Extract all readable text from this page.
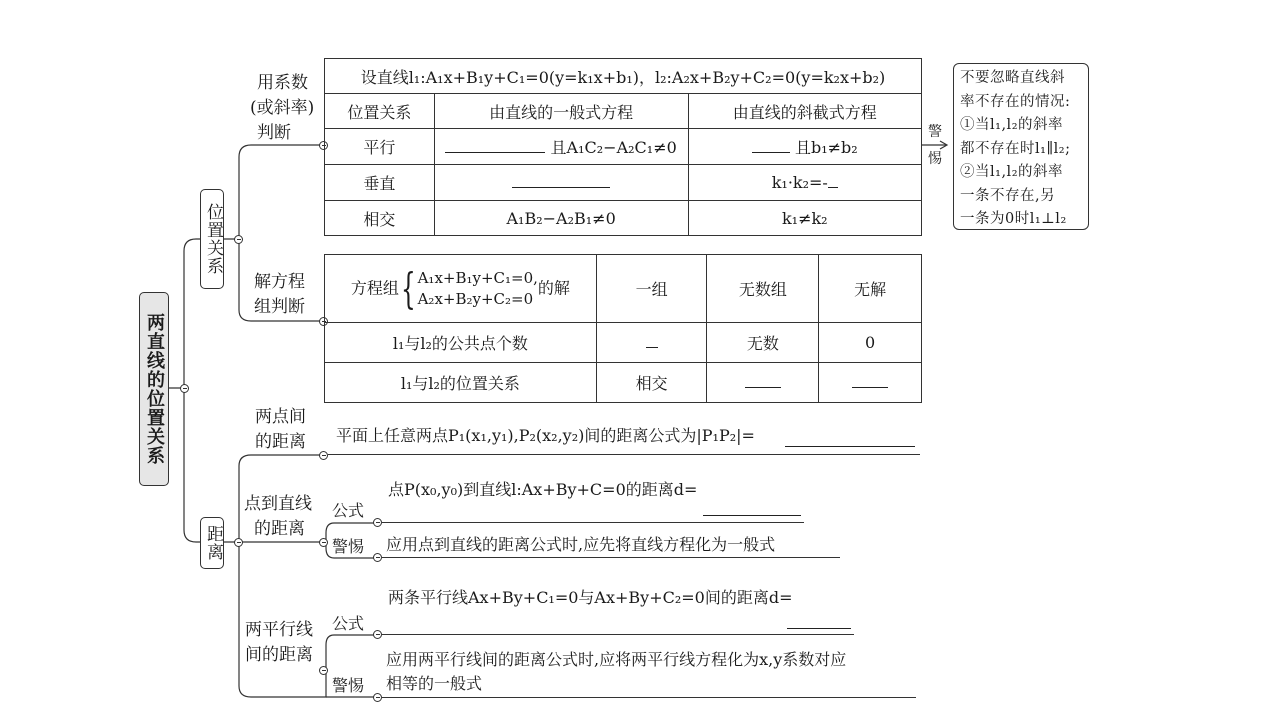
两直线的位置关系
位置关系
距离
用系数
(或斜率)
判断
设直线l₁:A₁x+B₁y+C₁=0(y=k₁x+b₁)，l₂:A₂x+B₂y+C₂=0(y=k₂x+b₂)		
位置关系	由直线的一般式方程	由直线的斜截式方程
平行	且A₁C₂−A₂C₁≠0	且b₁≠b₂
垂直		k₁·k₂=-
相交	A₁B₂−A₂B₁≠0	k₁≠k₂
警
惕
不要忽略直线斜
率不存在的情况:
①当l₁,l₂的斜率
都不存在时l₁∥l₂;
②当l₁,l₂的斜率
一条不存在,另
一条为0时l₁⊥l₂
解方程
组判断
方程组{ A₁x+B₁y+C₁=0,
A₂x+B₂y+C₂=0
的解	一组	无数组	无解
l₁与l₂的公共点个数		无数	0
l₁与l₂的位置关系	相交		
两点间
的距离 平面上任意两点P₁(x₁,y₁),P₂(x₂,y₂)间的距离公式为|P₁P₂|=
点到直线
的距离
公式
点P(x₀,y₀)到直线l:Ax+By+C=0的距离d=
警惕 应用点到直线的距离公式时,应先将直线方程化为一般式
两平行线
间的距离
两条平行线Ax+By+C₁=0与Ax+By+C₂=0间的距离d=
公式
应用两平行线间的距离公式时,应将两平行线方程化为x,y系数对应
相等的一般式
警惕
